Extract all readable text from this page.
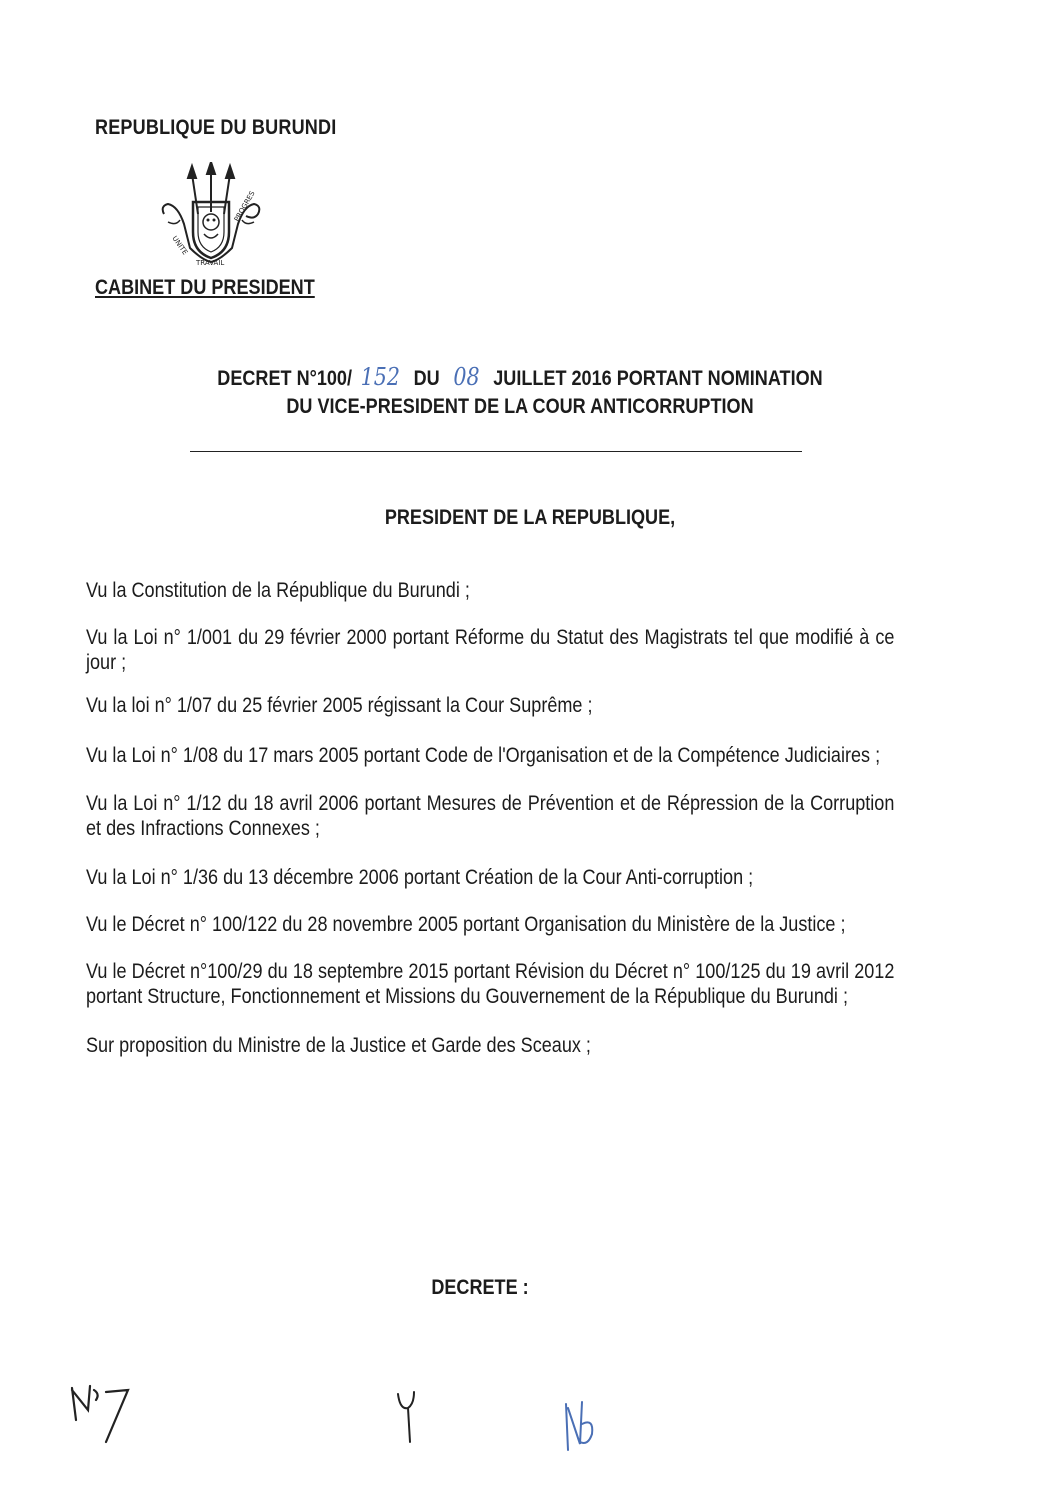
REPUBLIQUE DU BURUNDI
UNITE
TRAVAIL
PROGRES
CABINET DU PRESIDENT
DECRET N°100/ 152 DU 08 JUILLET 2016 PORTANT NOMINATION
DU VICE-PRESIDENT DE LA COUR ANTICORRUPTION
PRESIDENT DE LA REPUBLIQUE,

Vu la Constitution de la République du Burundi ;

Vu la Loi n° 1/001 du 29 février 2000 portant Réforme du Statut des Magistrats tel que modifié à ce jour ;

Vu la loi n° 1/07 du 25 février 2005 régissant la Cour Suprême ;

Vu la Loi n° 1/08 du 17 mars 2005 portant Code de l'Organisation et de la Compétence Judiciaires ;

Vu la Loi n° 1/12 du 18 avril 2006 portant Mesures de Prévention et de Répression de la Corruption et des Infractions Connexes ;

Vu la Loi n° 1/36 du 13 décembre 2006 portant Création de la Cour Anti-corruption ;

Vu le Décret n° 100/122 du 28 novembre 2005 portant Organisation du Ministère de la Justice ;

Vu le Décret n°100/29 du 18 septembre 2015 portant Révision du Décret n° 100/125 du 19 avril 2012 portant Structure, Fonctionnement et Missions du Gouvernement de la République du Burundi ;

Sur proposition du Ministre de la Justice et Garde des Sceaux ;

DECRETE :
